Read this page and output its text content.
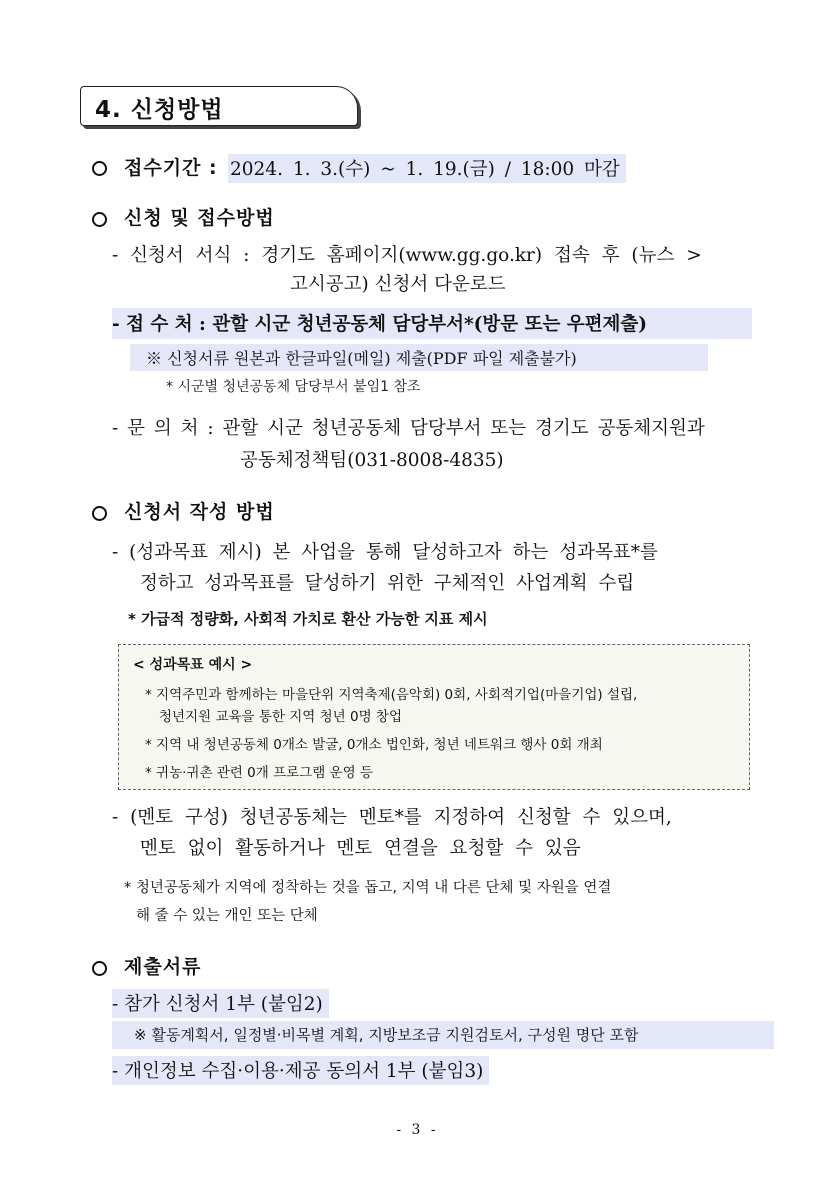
4. 신청방법
접수기간 : 2024. 1. 3.(수) ~ 1. 19.(금) / 18:00 마감
신청 및 접수방법
- 신청서 서식 : 경기도 홈페이지(www.gg.go.kr) 접속 후 (뉴스 >
고시공고) 신청서 다운로드
- 접 수 처 : 관할 시군 청년공동체 담당부서*(방문 또는 우편제출)
※ 신청서류 원본과 한글파일(메일) 제출(PDF 파일 제출불가)
* 시군별 청년공동체 담당부서 붙임1 참조
- 문 의 처 : 관할 시군 청년공동체 담당부서 또는 경기도 공동체지원과
공동체정책팀(031-8008-4835)
신청서 작성 방법
- (성과목표 제시) 본 사업을 통해 달성하고자 하는 성과목표*를
정하고 성과목표를 달성하기 위한 구체적인 사업계획 수립
* 가급적 정량화, 사회적 가치로 환산 가능한 지표 제시
< 성과목표 예시 >
* 지역주민과 함께하는 마을단위 지역축제(음악회) 0회, 사회적기업(마을기업) 설립,
청년지원 교육을 통한 지역 청년 0명 창업
* 지역 내 청년공동체 0개소 발굴, 0개소 법인화, 청년 네트워크 행사 0회 개최
* 귀농·귀촌 관련 0개 프로그램 운영 등
- (멘토 구성) 청년공동체는 멘토*를 지정하여 신청할 수 있으며,
멘토 없이 활동하거나 멘토 연결을 요청할 수 있음
* 청년공동체가 지역에 정착하는 것을 돕고, 지역 내 다른 단체 및 자원을 연결
해 줄 수 있는 개인 또는 단체
제출서류
- 참가 신청서 1부 (붙임2)
※ 활동계획서, 일정별·비목별 계획, 지방보조금 지원검토서, 구성원 명단 포함
- 개인정보 수집·이용·제공 동의서 1부 (붙임3)
- 3 -
